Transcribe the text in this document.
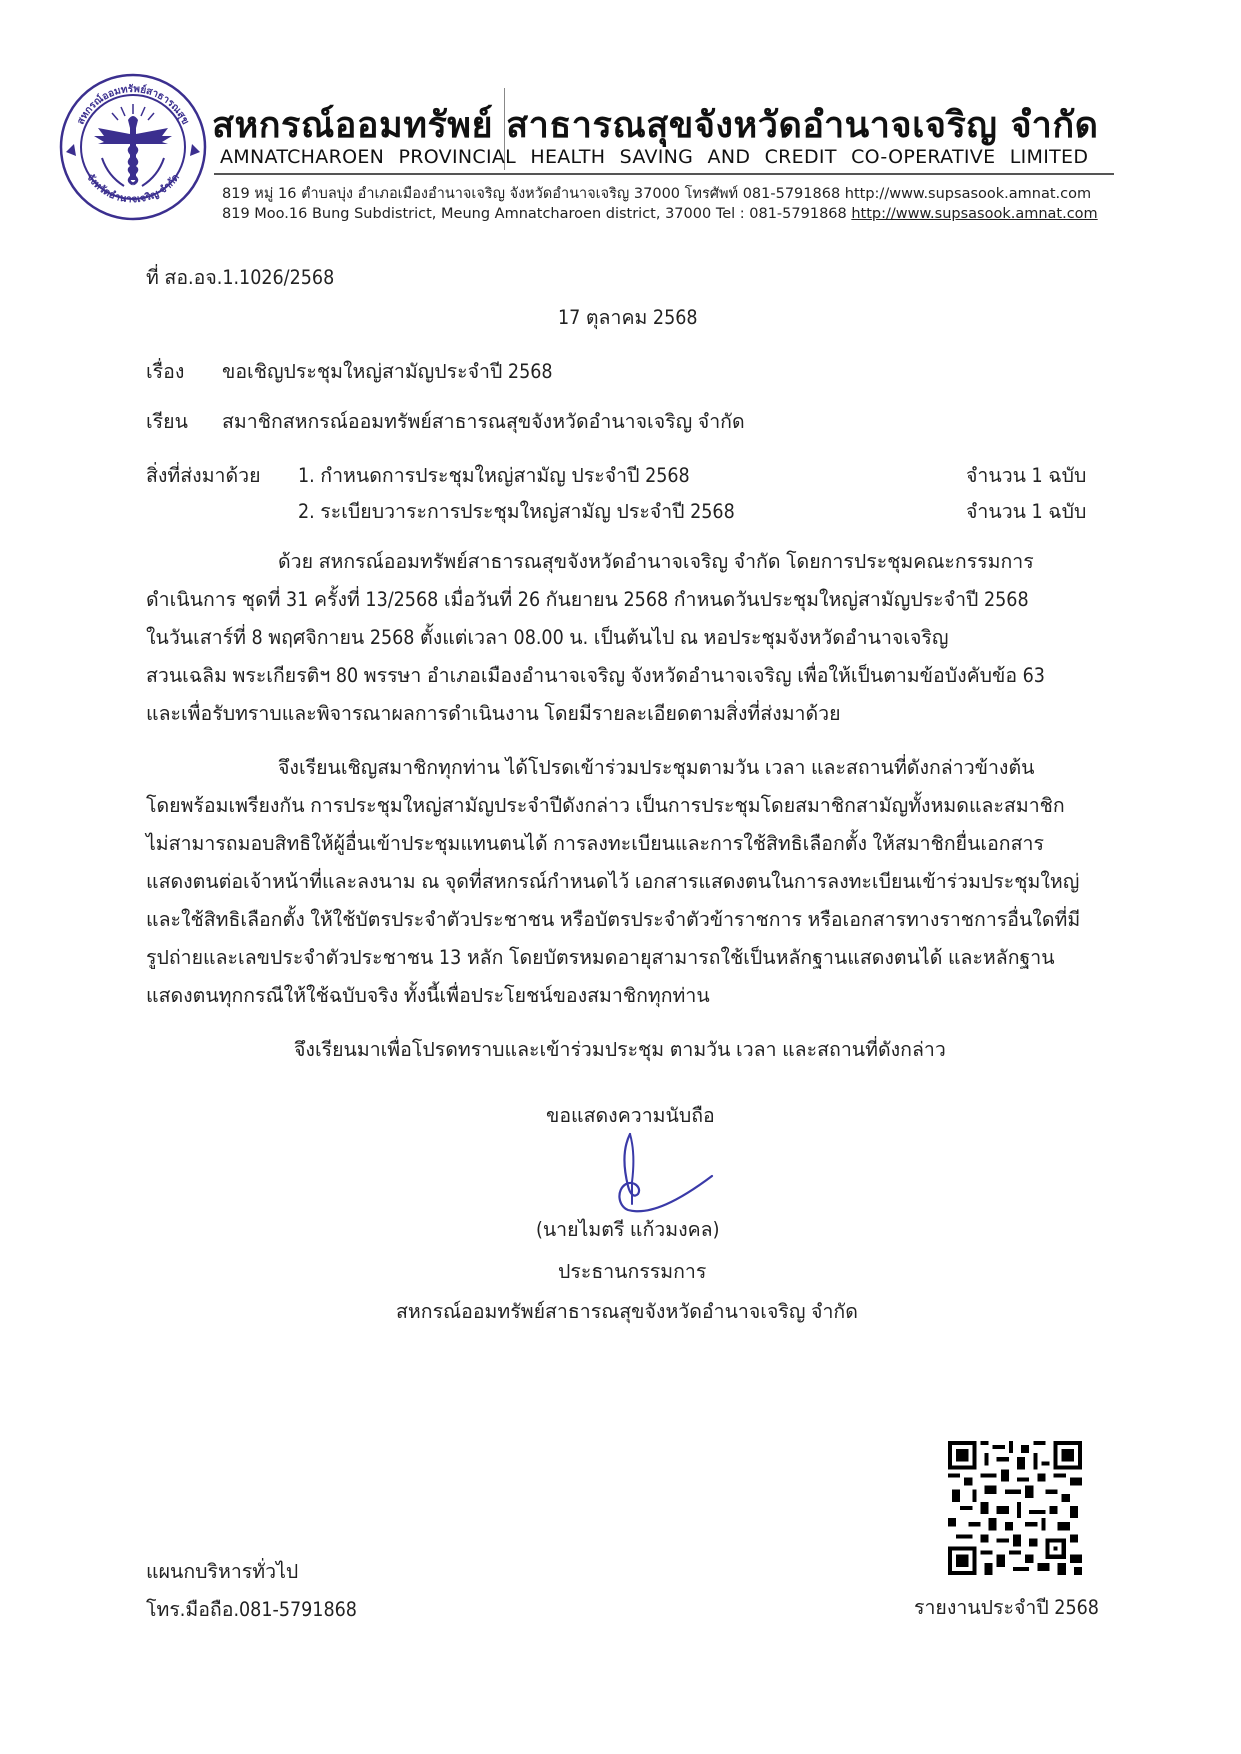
สหกรณ์ออมทรัพย์สาธารณสุข
จังหวัดอำนาจเจริญ จำกัด
สหกรณ์ออมทรัพย์ สาธารณสุขจังหวัดอำนาจเจริญ จำกัด
AMNATCHAROEN PROVINCIAL HEALTH SAVING AND CREDIT CO-OPERATIVE LIMITED
819 หมู่ 16 ตำบลบุ่ง อำเภอเมืองอำนาจเจริญ จังหวัดอำนาจเจริญ 37000 โทรศัพท์ 081-5791868 http://www.supsasook.amnat.com
819 Moo.16 Bung Subdistrict, Meung Amnatcharoen district, 37000 Tel : 081-5791868 http://www.supsasook.amnat.com
ที่ สอ.อจ.1.1026/2568
17 ตุลาคม 2568
เรื่อง ขอเชิญประชุมใหญ่สามัญประจำปี 2568
เรียน สมาชิกสหกรณ์ออมทรัพย์สาธารณสุขจังหวัดอำนาจเจริญ จำกัด
สิ่งที่ส่งมาด้วย 1. กำหนดการประชุมใหญ่สามัญ ประจำปี 2568	จำนวน 1 ฉบับ
2. ระเบียบวาระการประชุมใหญ่สามัญ ประจำปี 2568	จำนวน 1 ฉบับ
ด้วย สหกรณ์ออมทรัพย์สาธารณสุขจังหวัดอำนาจเจริญ จำกัด โดยการประชุมคณะกรรมการ
ดำเนินการ ชุดที่ 31 ครั้งที่ 13/2568 เมื่อวันที่ 26 กันยายน 2568 กำหนดวันประชุมใหญ่สามัญประจำปี 2568
ในวันเสาร์ที่ 8 พฤศจิกายน 2568 ตั้งแต่เวลา 08.00 น. เป็นต้นไป ณ หอประชุมจังหวัดอำนาจเจริญ
สวนเฉลิม พระเกียรติฯ 80 พรรษา อำเภอเมืองอำนาจเจริญ จังหวัดอำนาจเจริญ เพื่อให้เป็นตามข้อบังคับข้อ 63
และเพื่อรับทราบและพิจารณาผลการดำเนินงาน โดยมีรายละเอียดตามสิ่งที่ส่งมาด้วย
จึงเรียนเชิญสมาชิกทุกท่าน ได้โปรดเข้าร่วมประชุมตามวัน เวลา และสถานที่ดังกล่าวข้างต้น
โดยพร้อมเพรียงกัน การประชุมใหญ่สามัญประจำปีดังกล่าว เป็นการประชุมโดยสมาชิกสามัญทั้งหมดและสมาชิก
ไม่สามารถมอบสิทธิให้ผู้อื่นเข้าประชุมแทนตนได้ การลงทะเบียนและการใช้สิทธิเลือกตั้ง ให้สมาชิกยื่นเอกสาร
แสดงตนต่อเจ้าหน้าที่และลงนาม ณ จุดที่สหกรณ์กำหนดไว้ เอกสารแสดงตนในการลงทะเบียนเข้าร่วมประชุมใหญ่
และใช้สิทธิเลือกตั้ง ให้ใช้บัตรประจำตัวประชาชน หรือบัตรประจำตัวข้าราชการ หรือเอกสารทางราชการอื่นใดที่มี
รูปถ่ายและเลขประจำตัวประชาชน 13 หลัก โดยบัตรหมดอายุสามารถใช้เป็นหลักฐานแสดงตนได้ และหลักฐาน
แสดงตนทุกกรณีให้ใช้ฉบับจริง ทั้งนี้เพื่อประโยชน์ของสมาชิกทุกท่าน
จึงเรียนมาเพื่อโปรดทราบและเข้าร่วมประชุม ตามวัน เวลา และสถานที่ดังกล่าว
ขอแสดงความนับถือ
(นายไมตรี แก้วมงคล)
ประธานกรรมการ
สหกรณ์ออมทรัพย์สาธารณสุขจังหวัดอำนาจเจริญ จำกัด
แผนกบริหารทั่วไป
โทร.มือถือ.081-5791868	รายงานประจำปี 2568
